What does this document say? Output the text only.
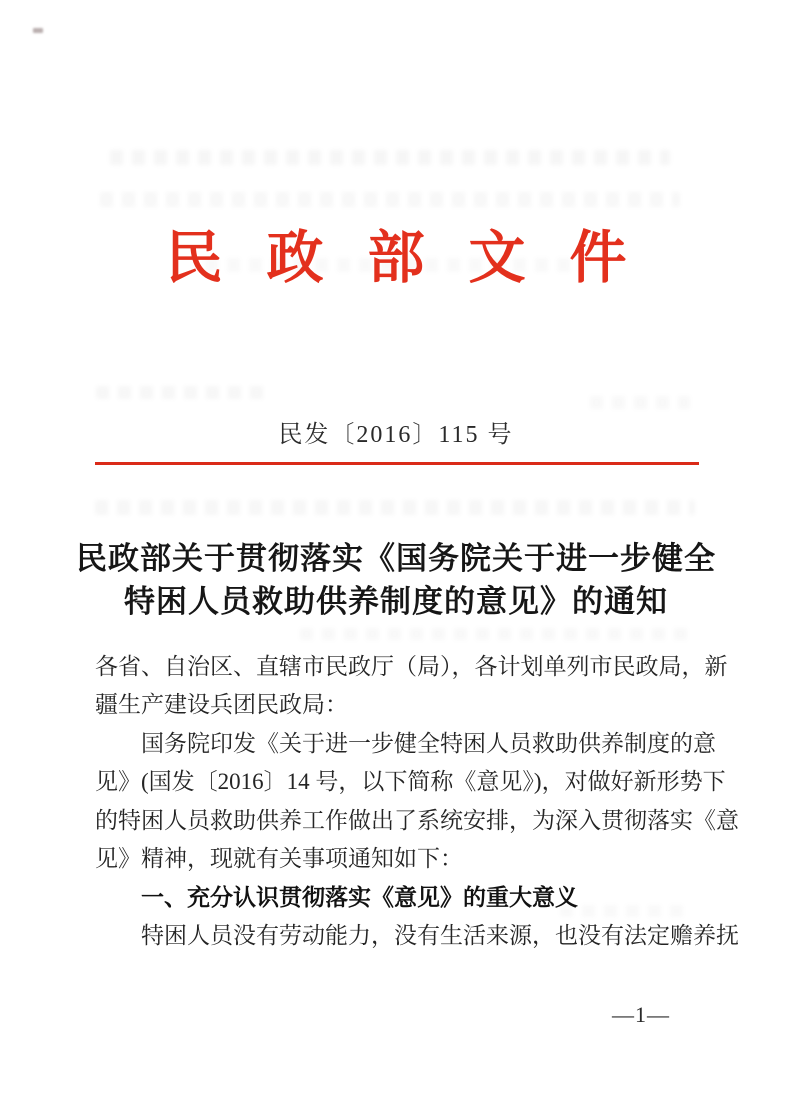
民政部文件
民发〔2016〕115 号
民政部关于贯彻落实《国务院关于进一步健全
特困人员救助供养制度的意见》的通知
各省、自治区、直辖市民政厅（局），各计划单列市民政局，新
疆生产建设兵团民政局：
国务院印发《关于进一步健全特困人员救助供养制度的意
见》(国发〔2016〕14 号，以下简称《意见》)，对做好新形势下
的特困人员救助供养工作做出了系统安排，为深入贯彻落实《意
见》精神，现就有关事项通知如下：
一、充分认识贯彻落实《意见》的重大意义
特困人员没有劳动能力，没有生活来源，也没有法定赡养抚
—1—
